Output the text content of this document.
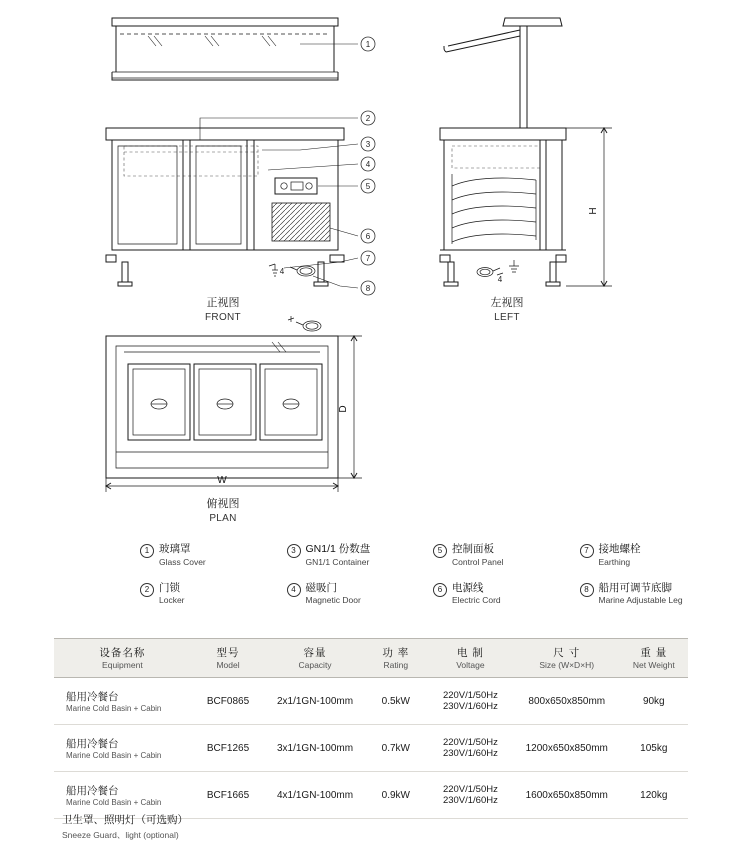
4
1
2
3
4
5
6
7
8
4
H
D
W
正视图
FRONT
左视图
LEFT
俯视图
PLAN
1 玻璃罩
Glass Cover
3 GN1/1 份数盘
GN1/1 Container
5 控制面板
Control Panel
7 接地螺栓
Earthing
2 门锁
Locker
4 磁吸门
Magnetic Door
6 电源线
Electric Cord
8 船用可调节底脚
Marine Adjustable Leg
设备名称
Equipment	型号
Model	容量
Capacity	功 率
Rating	电 制
Voltage	尺 寸
Size (W×D×H)	重 量
Net Weight

船用冷餐台
Marine Cold Basin + Cabin	BCF0865	2x1/1GN-100mm	0.5kW	220V/1/50Hz
230V/1/60Hz	800x650x850mm	90kg

船用冷餐台
Marine Cold Basin + Cabin	BCF1265	3x1/1GN-100mm	0.7kW	220V/1/50Hz
230V/1/60Hz	1200x650x850mm	105kg

船用冷餐台
Marine Cold Basin + Cabin	BCF1665	4x1/1GN-100mm	0.9kW	220V/1/50Hz
230V/1/60Hz	1600x650x850mm	120kg
卫生罩、照明灯（可选购）
Sneeze Guard、light (optional)
